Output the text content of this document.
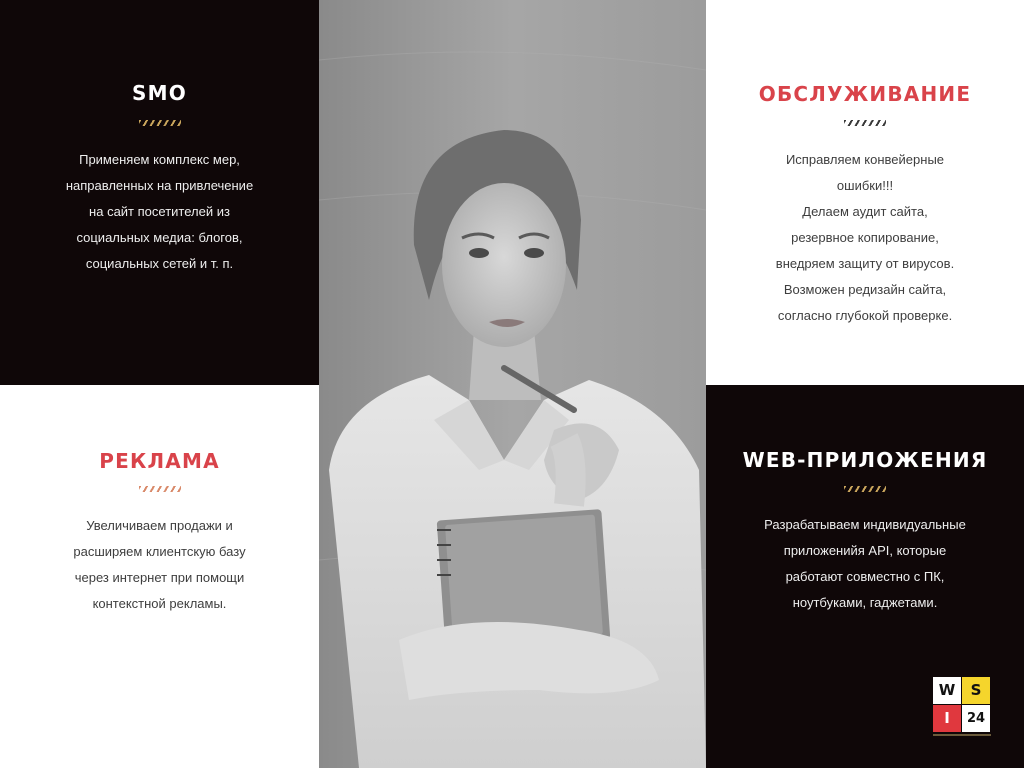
SMO

Применяем комплекс мер,
направленных на привлечение
на сайт посетителей из
социальных медиа: блогов,
социальных сетей и т. п.

РЕКЛАМА

Увеличиваем продажи и
расширяем клиентскую базу
через интернет при помощи
контекстной рекламы.

ОБСЛУЖИВАНИЕ

Исправляем конвейерные
ошибки!!!
Делаем аудит сайта,
резервное копирование,
внедряем защиту от вирусов.
Возможен редизайн сайта,
согласно глубокой проверке.

WEB-ПРИЛОЖЕНИЯ

Разрабатываем индивидуальные
приложенийя API, которые
работают совместно с ПК,
ноутбуками, гаджетами.

W	S
I	24
